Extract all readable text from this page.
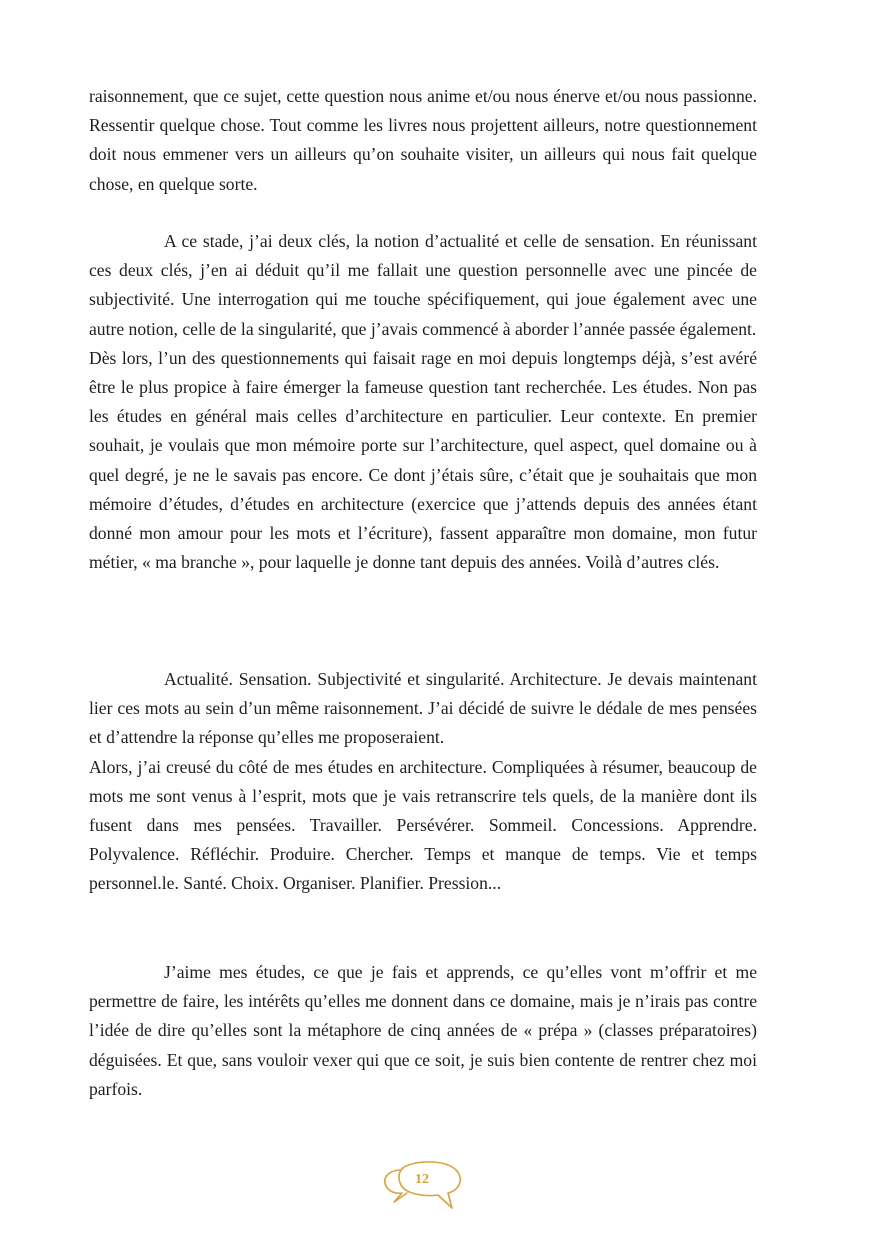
raisonnement, que ce sujet, cette question nous anime et/ou nous énerve et/ou nous passionne. Ressentir quelque chose. Tout comme les livres nous projettent ailleurs, notre questionnement doit nous emmener vers un ailleurs qu’on souhaite visiter, un ailleurs qui nous fait quelque chose, en quelque sorte.

A ce stade, j’ai deux clés, la notion d’actualité et celle de sensation. En réunissant ces deux clés, j’en ai déduit qu’il me fallait une question personnelle avec une pincée de subjectivité. Une interrogation qui me touche spécifiquement, qui joue également avec une autre notion, celle de la singularité, que j’avais commencé à aborder l’année passée également.

Dès lors, l’un des questionnements qui faisait rage en moi depuis longtemps déjà, s’est avéré être le plus propice à faire émerger la fameuse question tant recherchée. Les études. Non pas les études en général mais celles d’architecture en particulier. Leur contexte. En premier souhait, je voulais que mon mémoire porte sur l’architecture, quel aspect, quel domaine ou à quel degré, je ne le savais pas encore. Ce dont j’étais sûre, c’était que je souhaitais que mon mémoire d’études, d’études en architecture (exercice que j’attends depuis des années étant donné mon amour pour les mots et l’écriture), fassent apparaître mon domaine, mon futur métier, « ma branche », pour laquelle je donne tant depuis des années. Voilà d’autres clés.

Actualité. Sensation. Subjectivité et singularité. Architecture. Je devais maintenant lier ces mots au sein d’un même raisonnement. J’ai décidé de suivre le dédale de mes pensées et d’attendre la réponse qu’elles me proposeraient.

Alors, j’ai creusé du côté de mes études en architecture. Compliquées à résumer, beaucoup de mots me sont venus à l’esprit, mots que je vais retranscrire tels quels, de la manière dont ils fusent dans mes pensées. Travailler. Persévérer. Sommeil. Concessions. Apprendre. Polyvalence. Réfléchir. Produire. Chercher. Temps et manque de temps. Vie et temps personnel.le. Santé. Choix. Organiser. Planifier. Pression...

J’aime mes études, ce que je fais et apprends, ce qu’elles vont m’offrir et me permettre de faire, les intérêts qu’elles me donnent dans ce domaine, mais je n’irais pas contre l’idée de dire qu’elles sont la métaphore de cinq années de « prépa » (classes préparatoires) déguisées. Et que, sans vouloir vexer qui que ce soit, je suis bien contente de rentrer chez moi parfois.

12
